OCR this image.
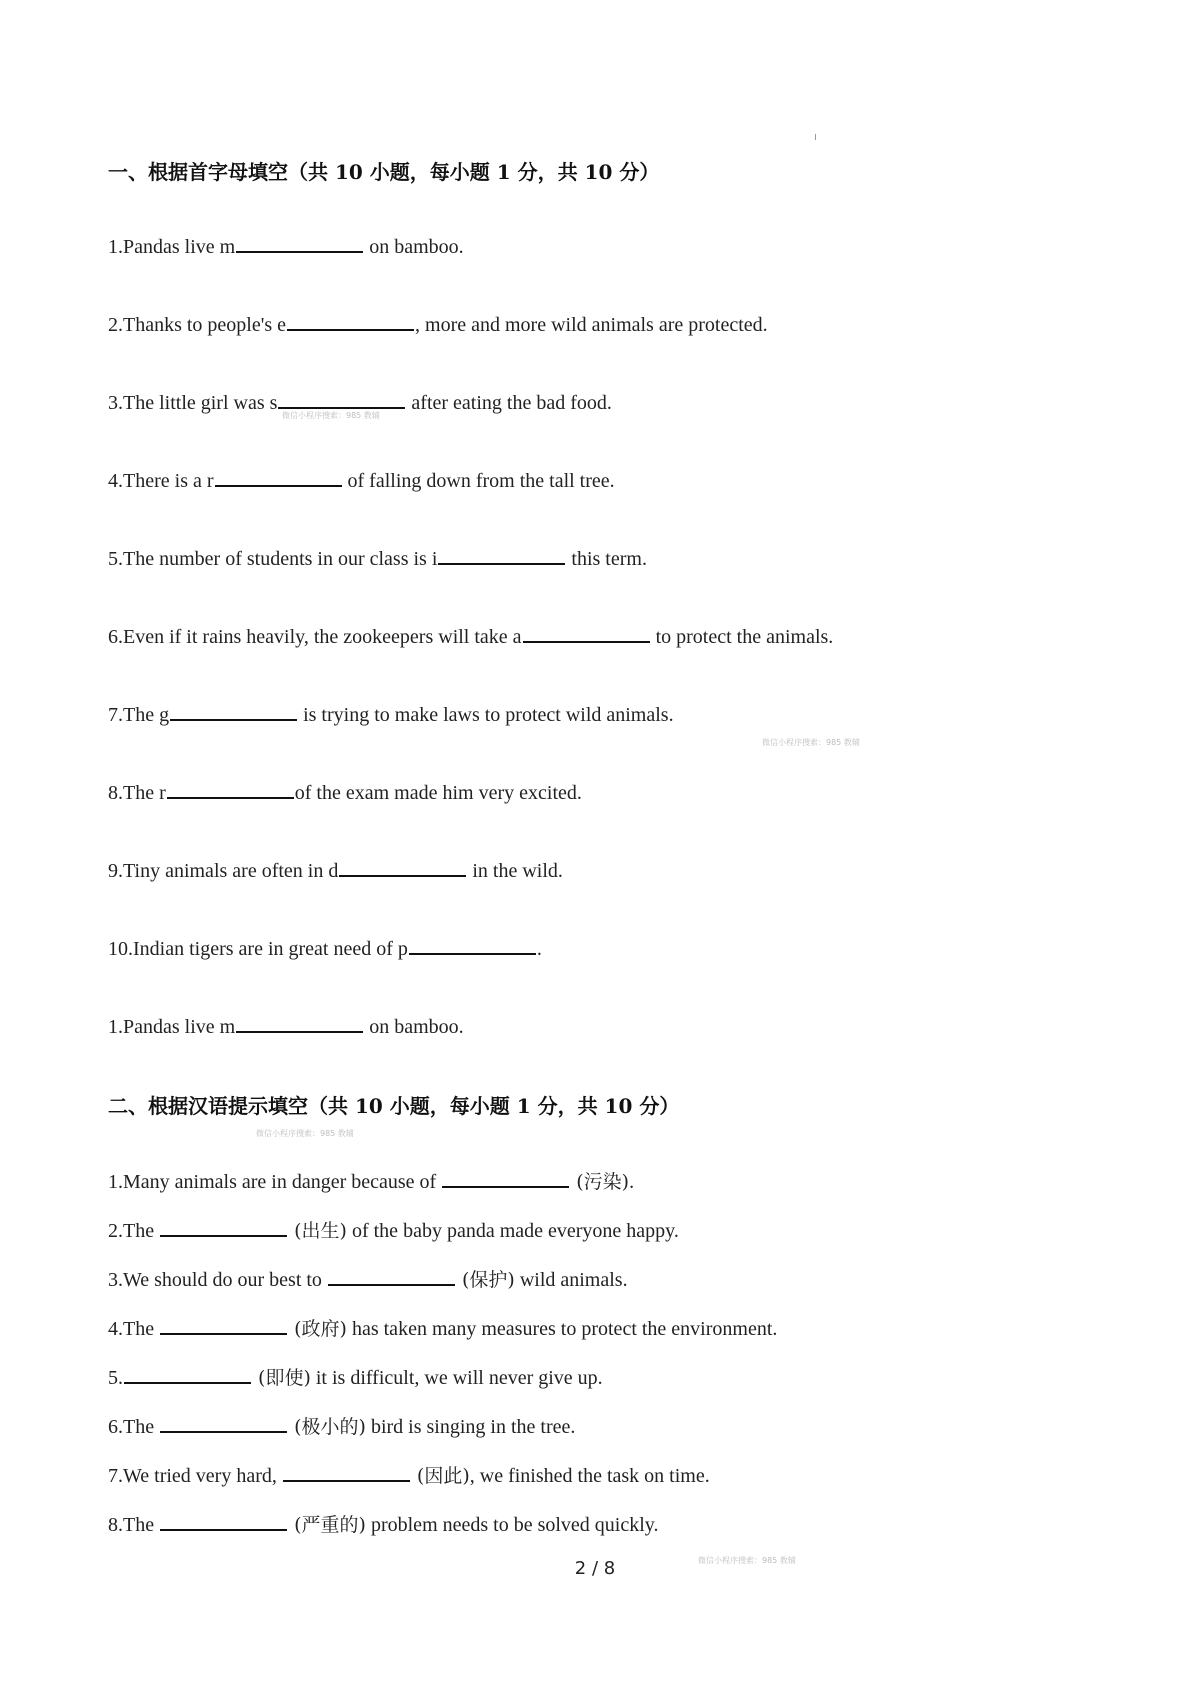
一、根据首字母填空（共 10 小题，每小题 1 分，共 10 分）
1.Pandas live m	on bamboo.
2.Thanks to people's e	, more and more wild animals are protected.
3.The little girl was s	after eating the bad food.
4.There is a r	of falling down from the tall tree.
5.The number of students in our class is i	this term.
6.Even if it rains heavily, the zookeepers will take a	to protect the animals.
7.The g	is trying to make laws to protect wild animals.
8.The r	of the exam made him very excited.
9.Tiny animals are often in d	in the wild.
10.Indian tigers are in great need of p	.
1.Pandas live m	on bamboo.
二、根据汉语提示填空（共 10 小题，每小题 1 分，共 10 分）
1.Many animals are in danger because of	(污染).
2.The	(出生) of the baby panda made everyone happy.
3.We should do our best to	(保护) wild animals.
4.The	(政府) has taken many measures to protect the environment.
5.	(即使) it is difficult, we will never give up.
6.The	(极小的) bird is singing in the tree.
7.We tried very hard,	(因此), we finished the task on time.
8.The	(严重的) problem needs to be solved quickly.
微信小程序搜索：985 教辅
微信小程序搜索：985 教辅
微信小程序搜索：985 教辅
微信小程序搜索：985 教辅
2 / 8
